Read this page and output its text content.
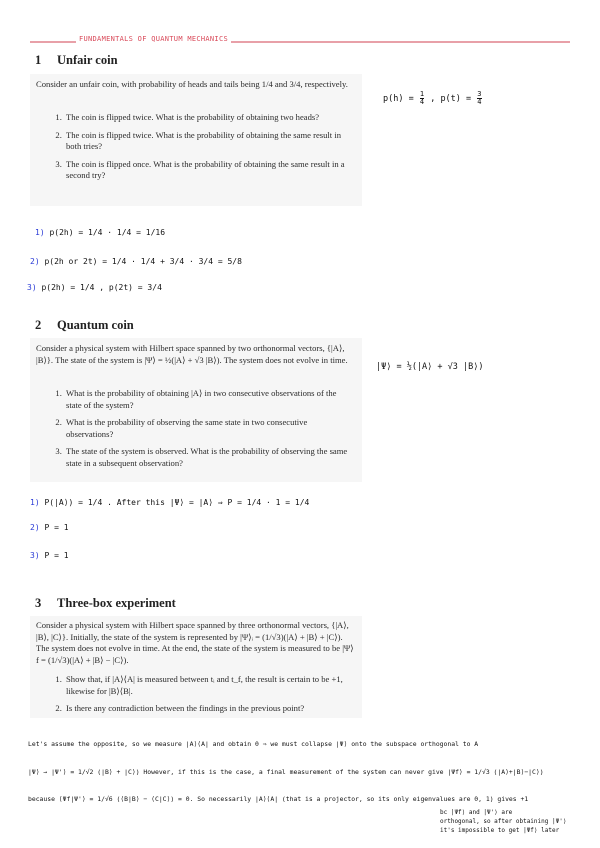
FUNDAMENTALS OF QUANTUM MECHANICS
1 Unfair coin
Consider an unfair coin, with probability of heads and tails being 1/4 and 3/4, respectively.
1. The coin is flipped twice. What is the probability of obtaining two heads?
2. The coin is flipped twice. What is the probability of obtaining the same result in both tries?
3. The coin is flipped once. What is the probability of obtaining the same result in a second try?
$p(h) = \frac{1}{4}$ , $p(t) = \frac{3}{4}$
1) p(2h) = 1/4 · 1/4 = 1/16
2) p(2h or 2t) = 1/4 · 1/4 + 3/4 · 3/4 = 5/8
3) p(2h) = 1/4 , p(2t) = 3/4
2 Quantum coin
Consider a physical system with Hilbert space spanned by two orthonormal vectors, {|A⟩, |B⟩}. The state of the system is |Ψ⟩ = ½(|A⟩ + √3 |B⟩). The system does not evolve in time.
1. What is the probability of obtaining |A⟩ in two consecutive observations of the state of the system?
2. What is the probability of observing the same state in two consecutive observations?
3. The state of the system is observed. What is the probability of observing the same state in a subsequent observation?
|Ψ⟩ = ½(|A⟩ + √3 |B⟩)
1) P(|A⟩) = 1/4 . After this |Ψ⟩ = |A⟩ ⇒ P = 1/4 · 1 = 1/4
2) P = 1
3) P = 1
3 Three-box experiment
Consider a physical system with Hilbert space spanned by three orthonormal vectors, {|A⟩, |B⟩, |C⟩}. Initially, the state of the system is represented by |Ψ⟩ᵢ = (1/√3)(|A⟩ + |B⟩ + |C⟩). The system does not evolve in time. At the end, the state of the system is measured to be |Ψ⟩f = (1/√3)(|A⟩ + |B⟩ − |C⟩).
1. Show that, if |A⟩⟨A| is measured between tᵢ and t_f, the result is certain to be +1, likewise for |B⟩⟨B|.
2. Is there any contradiction between the findings in the previous point?
Let's assume the opposite, so we measure |A⟩⟨A| and obtain 0 ⇒ we must collapse |Ψ⟩ onto the subspace orthogonal to A
|Ψ⟩ → |Ψ'⟩ = 1/√2 (|B⟩ + |C⟩) However, if this is the case, a final measurement of the system can never give |Ψf⟩ = 1/√3 (|A⟩+|B⟩−|C⟩)
because ⟨Ψf|Ψ'⟩ = 1/√6 (⟨B|B⟩ − ⟨C|C⟩) = 0. So necessarily |A⟩⟨A| (that is a projector, so its only eigenvalues are 0, 1) gives +1
bc |Ψf⟩ and |Ψ'⟩ are
orthogonal, so after obtaining |Ψ'⟩
it's impossible to get |Ψf⟩ later
